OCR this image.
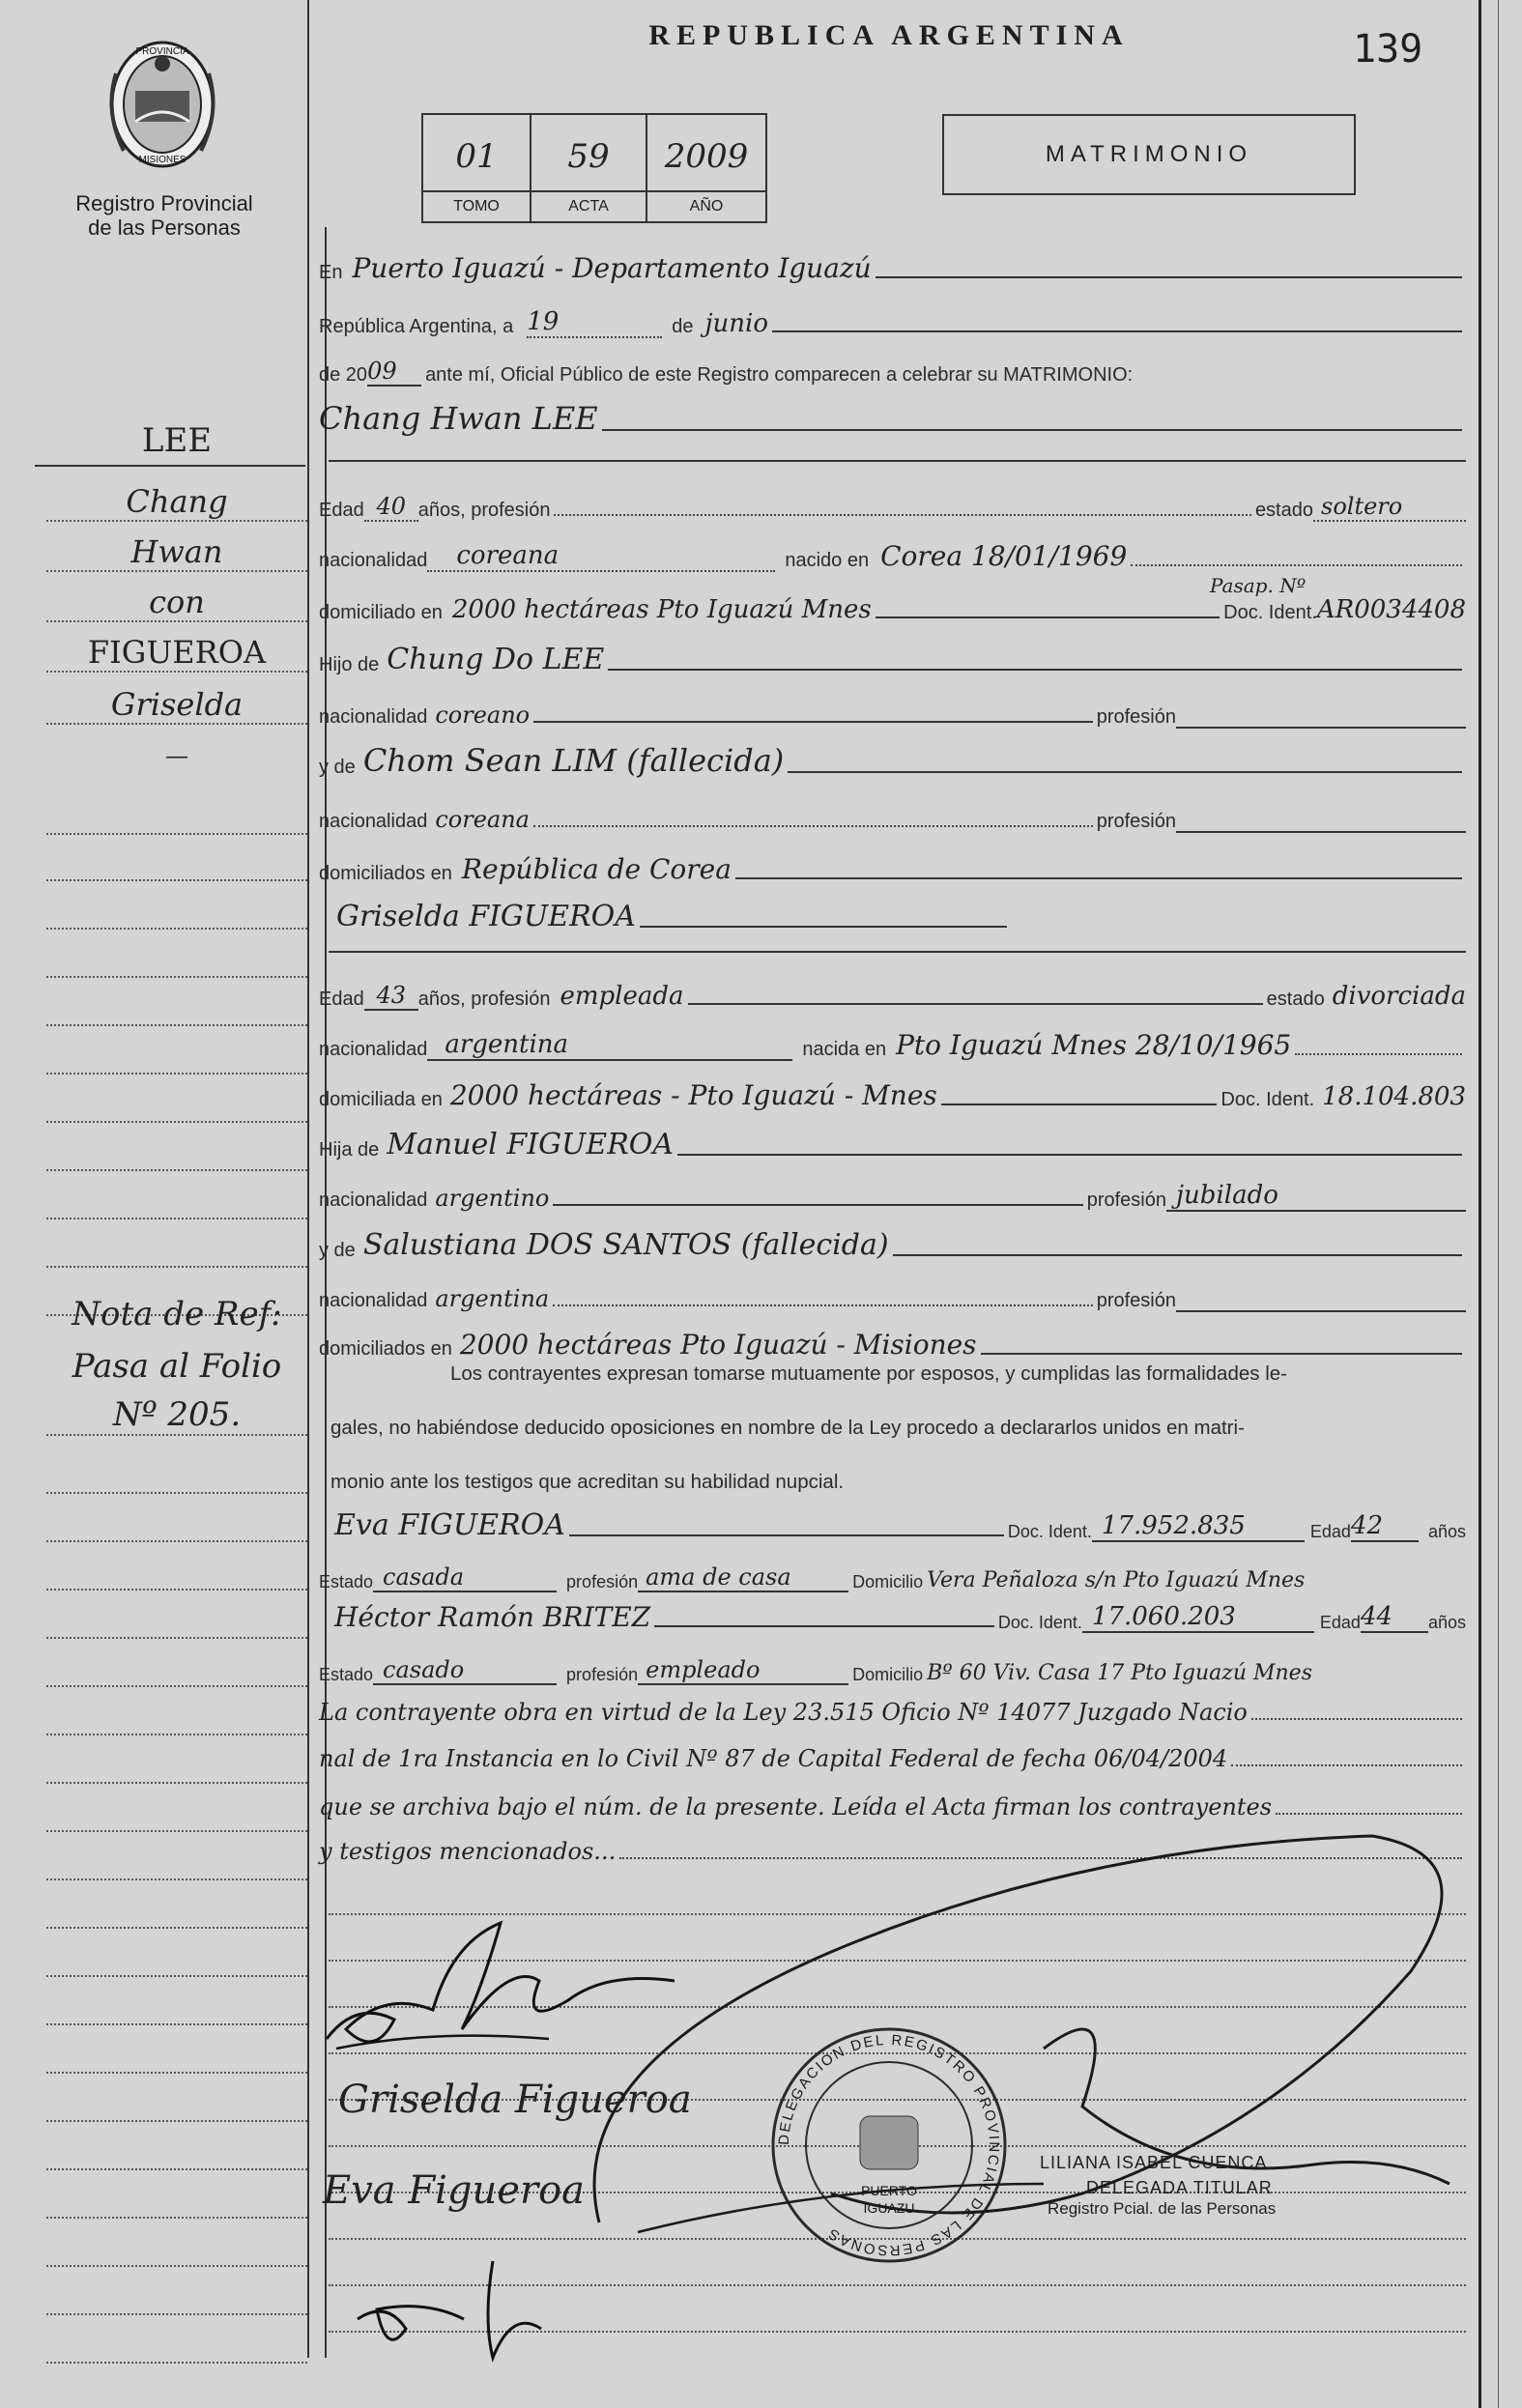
PROVINCIA
MISIONES
Registro Provincial
de las Personas
REPUBLICA ARGENTINA	139
01 59 2009
TOMO	ACTA	AÑO
MATRIMONIO
LEE
Chang
Hwan
con
FIGUEROA
Griselda
—
Nota de Ref:
Pasa al Folio
Nº 205.
En Puerto Iguazú - Departamento Iguazú
República Argentina, a 19	de junio
de 20 09	ante mí, Oficial Público de este Registro comparecen a celebrar su MATRIMONIO:
Chang Hwan LEE
Edad 40 años, profesión	estado soltero
nacionalidad	coreana	nacido en Corea 18/01/1969
domiciliado en 2000 hectáreas Pto Iguazú Mnes	Doc. Ident. AR0034408
Pasap. Nº
Hijo de Chung Do LEE
nacionalidad coreano	profesión
y de Chom Sean LIM (fallecida)
nacionalidad coreana	profesión
domiciliados en República de Corea
Griselda FIGUEROA
Edad 43 años, profesión empleada	estado divorciada
nacionalidad argentina	nacida en Pto Iguazú Mnes 28/10/1965
domiciliada en 2000 hectáreas - Pto Iguazú - Mnes	Doc. Ident. 18.104.803
Hija de Manuel FIGUEROA
nacionalidad argentino	profesión jubilado
y de Salustiana DOS SANTOS (fallecida)
nacionalidad argentina	profesión
domiciliados en 2000 hectáreas Pto Iguazú - Misiones
Los contrayentes expresan tomarse mutuamente por esposos, y cumplidas las formalidades le-
gales, no habiéndose deducido oposiciones en nombre de la Ley procedo a declararlos unidos en matri-
monio ante los testigos que acreditan su habilidad nupcial.
Eva FIGUEROA	Doc. Ident. 17.952.835	Edad 42	años
Estado casada	profesión ama de casa	Domicilio Vera Peñaloza s/n Pto Iguazú Mnes
Héctor Ramón BRITEZ	Doc. Ident. 17.060.203	Edad 44	años
Estado casado	profesión empleado	Domicilio Bº 60 Viv. Casa 17 Pto Iguazú Mnes
La contrayente obra en virtud de la Ley 23.515 Oficio Nº 14077 Juzgado Nacio
nal de 1ra Instancia en lo Civil Nº 87 de Capital Federal de fecha 06/04/2004
que se archiva bajo el núm. de la presente. Leída el Acta firman los contrayentes
y testigos mencionados...
Griselda Figueroa
Eva Figueroa
DELEGACION DEL REGISTRO PROVINCIAL DE LAS PERSONAS
PUERTO
IGUAZU
LILIANA ISABEL CUENCA
DELEGADA TITULAR
Registro Pcial. de las Personas
